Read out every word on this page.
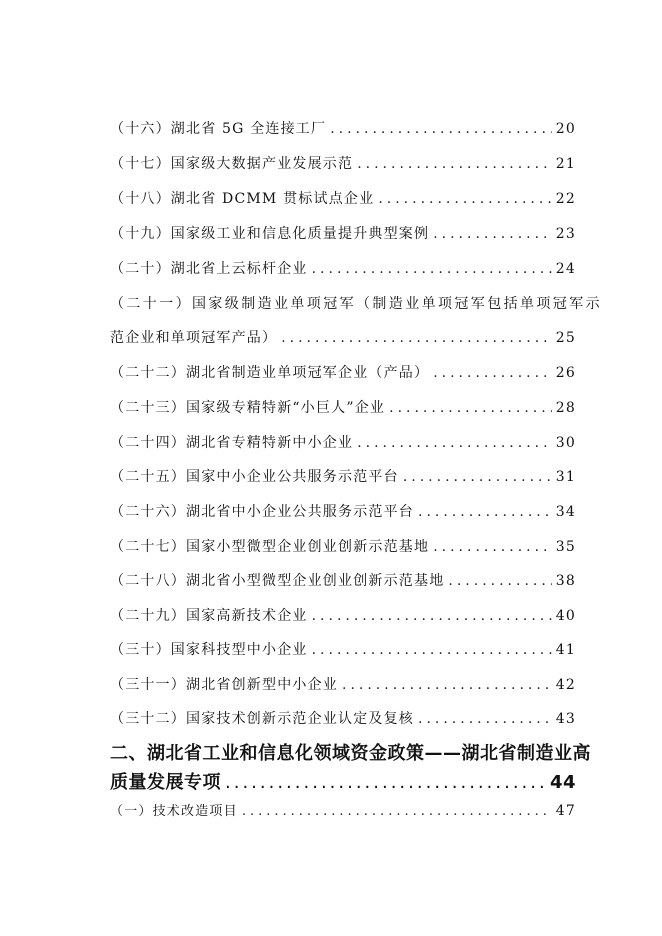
（十六）湖北省 5G 全连接工厂 .....	20
（十七）国家级大数据产业发展示范 .....	21
（十八）湖北省 DCMM 贯标试点企业 .....	22
（十九）国家级工业和信息化质量提升典型案例 .....	23
（二十）湖北省上云标杆企业 .....	24
（二十一）国家级制造业单项冠军（制造业单项冠军包括单项冠军示
范企业和单项冠军产品） .....	25
（二十二）湖北省制造业单项冠军企业（产品） .....	26
（二十三）国家级专精特新“小巨人”企业 .....	28
（二十四）湖北省专精特新中小企业 .....	30
（二十五）国家中小企业公共服务示范平台 .....	31
（二十六）湖北省中小企业公共服务示范平台 .....	34
（二十七）国家小型微型企业创业创新示范基地 .....	35
（二十八）湖北省小型微型企业创业创新示范基地 .....	38
（二十九）国家高新技术企业 .....	40
（三十）国家科技型中小企业 .....	41
（三十一）湖北省创新型中小企业 .....	42
（三十二）国家技术创新示范企业认定及复核 .....	43
二、湖北省工业和信息化领域资金政策——湖北省制造业高
质量发展专项 .....	44
（一）技术改造项目 .....	47
